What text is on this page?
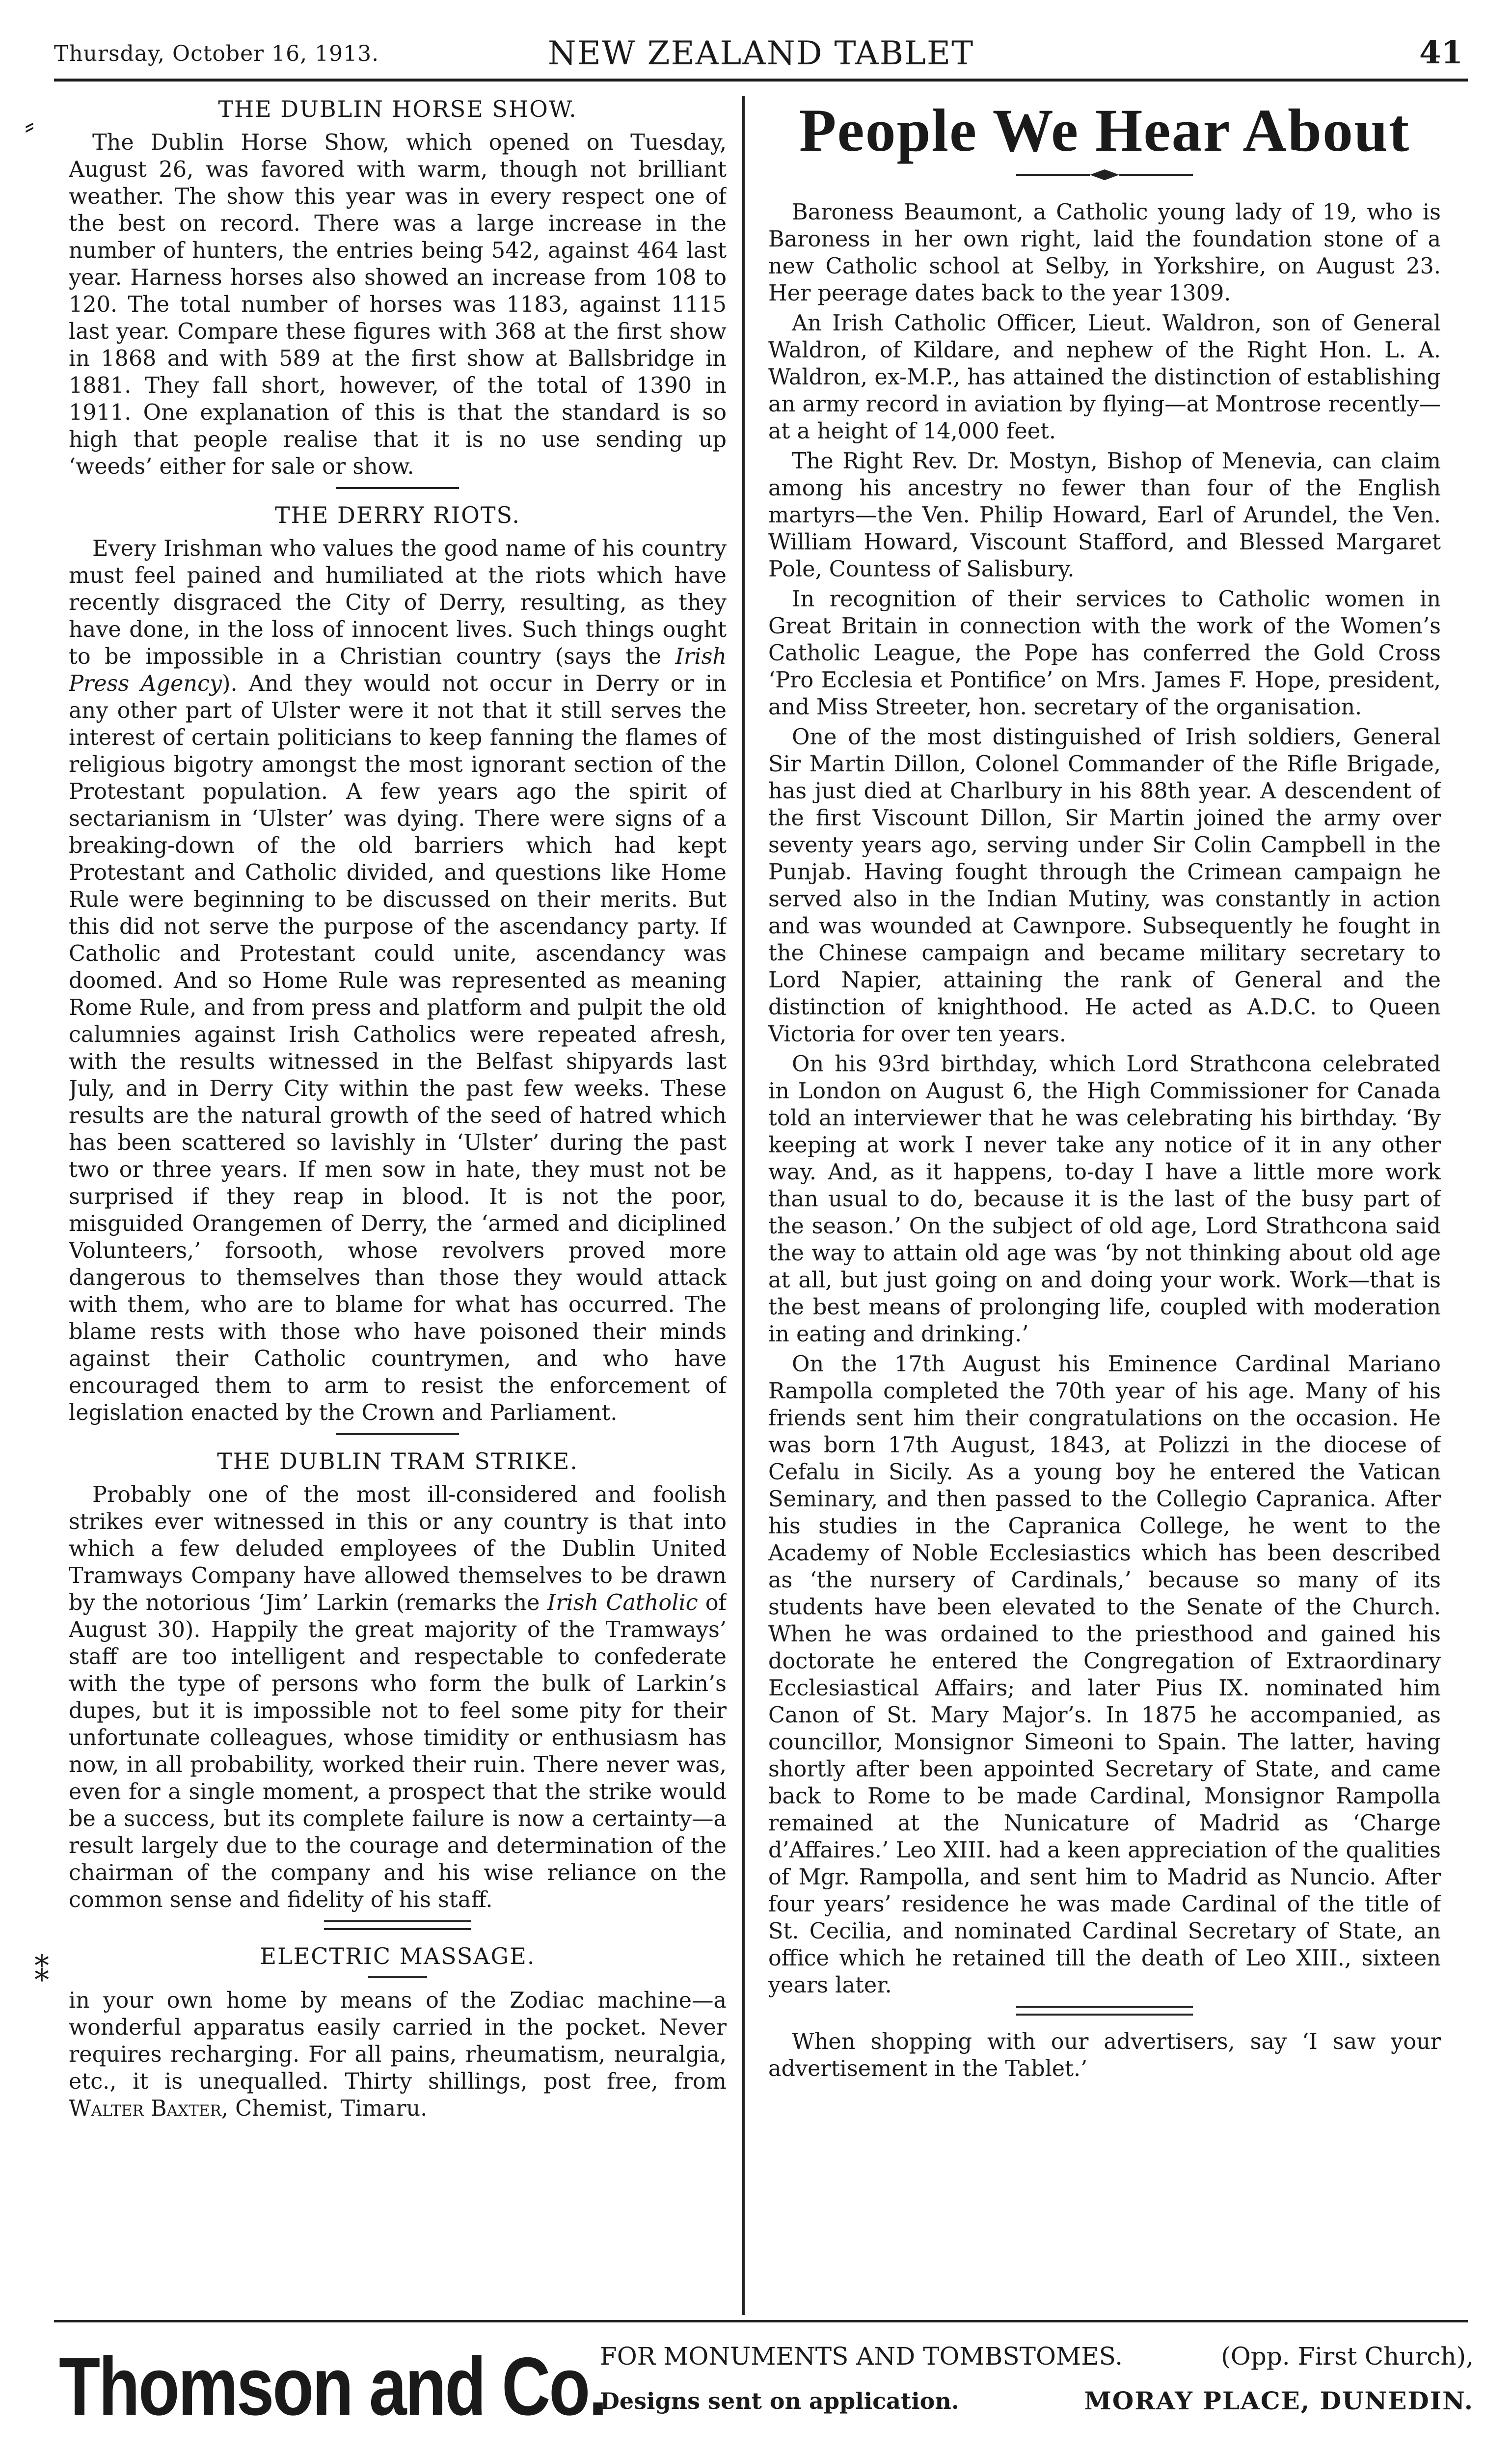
Thursday, October 16, 1913.	NEW ZEALAND TABLET	41
⸗
⁑
THE DUBLIN HORSE SHOW.

The Dublin Horse Show, which opened on Tuesday, August 26, was favored with warm, though not brilliant weather. The show this year was in every respect one of the best on record. There was a large increase in the number of hunters, the entries being 542, against 464 last year. Harness horses also showed an increase from 108 to 120. The total number of horses was 1183, against 1115 last year. Compare these figures with 368 at the first show in 1868 and with 589 at the first show at Ballsbridge in 1881. They fall short, however, of the total of 1390 in 1911. One explanation of this is that the standard is so high that people realise that it is no use sending up ‘weeds’ either for sale or show.

THE DERRY RIOTS.

Every Irishman who values the good name of his country must feel pained and humiliated at the riots which have recently disgraced the City of Derry, resulting, as they have done, in the loss of innocent lives. Such things ought to be impossible in a Christian country (says the Irish Press Agency). And they would not occur in Derry or in any other part of Ulster were it not that it still serves the interest of certain politicians to keep fanning the flames of religious bigotry amongst the most ignorant section of the Protestant population. A few years ago the spirit of sectarianism in ‘Ulster’ was dying. There were signs of a breaking-down of the old barriers which had kept Protestant and Catholic divided, and questions like Home Rule were beginning to be discussed on their merits. But this did not serve the purpose of the ascendancy party. If Catholic and Protestant could unite, ascendancy was doomed. And so Home Rule was represented as meaning Rome Rule, and from press and platform and pulpit the old calumnies against Irish Catholics were repeated afresh, with the results witnessed in the Belfast shipyards last July, and in Derry City within the past few weeks. These results are the natural growth of the seed of hatred which has been scattered so lavishly in ‘Ulster’ during the past two or three years. If men sow in hate, they must not be surprised if they reap in blood. It is not the poor, misguided Orangemen of Derry, the ‘armed and diciplined Volunteers,’ forsooth, whose revolvers proved more dangerous to themselves than those they would attack with them, who are to blame for what has occurred. The blame rests with those who have poisoned their minds against their Catholic countrymen, and who have encouraged them to arm to resist the enforcement of legislation enacted by the Crown and Parliament.

THE DUBLIN TRAM STRIKE.

Probably one of the most ill-considered and foolish strikes ever witnessed in this or any country is that into which a few deluded employees of the Dublin United Tramways Company have allowed themselves to be drawn by the notorious ‘Jim’ Larkin (remarks the Irish Catholic of August 30). Happily the great majority of the Tramways’ staff are too intelligent and respectable to confederate with the type of persons who form the bulk of Larkin’s dupes, but it is impossible not to feel some pity for their unfortunate colleagues, whose timidity or enthusiasm has now, in all probability, worked their ruin. There never was, even for a single moment, a prospect that the strike would be a success, but its complete failure is now a certainty—a result largely due to the courage and determination of the chairman of the company and his wise reliance on the common sense and fidelity of his staff.

ELECTRIC MASSAGE.

in your own home by means of the Zodiac machine—a wonderful apparatus easily carried in the pocket. Never requires recharging. For all pains, rheumatism, neuralgia, etc., it is unequalled. Thirty shillings, post free, from Walter Baxter, Chemist, Timaru.

People We Hear About

Baroness Beaumont, a Catholic young lady of 19, who is Baroness in her own right, laid the foundation stone of a new Catholic school at Selby, in Yorkshire, on August 23. Her peerage dates back to the year 1309.

An Irish Catholic Officer, Lieut. Waldron, son of General Waldron, of Kildare, and nephew of the Right Hon. L. A. Waldron, ex-M.P., has attained the distinction of establishing an army record in aviation by flying—at Montrose recently—at a height of 14,000 feet.

The Right Rev. Dr. Mostyn, Bishop of Menevia, can claim among his ancestry no fewer than four of the English martyrs—the Ven. Philip Howard, Earl of Arundel, the Ven. William Howard, Viscount Stafford, and Blessed Margaret Pole, Countess of Salisbury.

In recognition of their services to Catholic women in Great Britain in connection with the work of the Women’s Catholic League, the Pope has conferred the Gold Cross ‘Pro Ecclesia et Pontifice’ on Mrs. James F. Hope, president, and Miss Streeter, hon. secretary of the organisation.

One of the most distinguished of Irish soldiers, General Sir Martin Dillon, Colonel Commander of the Rifle Brigade, has just died at Charlbury in his 88th year. A descendent of the first Viscount Dillon, Sir Martin joined the army over seventy years ago, serving under Sir Colin Campbell in the Punjab. Having fought through the Crimean campaign he served also in the Indian Mutiny, was constantly in action and was wounded at Cawnpore. Subsequently he fought in the Chinese campaign and became military secretary to Lord Napier, attaining the rank of General and the distinction of knighthood. He acted as A.D.C. to Queen Victoria for over ten years.

On his 93rd birthday, which Lord Strathcona celebrated in London on August 6, the High Commissioner for Canada told an interviewer that he was celebrating his birthday. ‘By keeping at work I never take any notice of it in any other way. And, as it happens, to-day I have a little more work than usual to do, because it is the last of the busy part of the season.’ On the subject of old age, Lord Strathcona said the way to attain old age was ‘by not thinking about old age at all, but just going on and doing your work. Work—that is the best means of prolonging life, coupled with moderation in eating and drinking.’

On the 17th August his Eminence Cardinal Mariano Rampolla completed the 70th year of his age. Many of his friends sent him their congratulations on the occasion. He was born 17th August, 1843, at Polizzi in the diocese of Cefalu in Sicily. As a young boy he entered the Vatican Seminary, and then passed to the Collegio Capranica. After his studies in the Capranica College, he went to the Academy of Noble Ecclesiastics which has been described as ‘the nursery of Cardinals,’ because so many of its students have been elevated to the Senate of the Church. When he was ordained to the priesthood and gained his doctorate he entered the Congregation of Extraordinary Ecclesiastical Affairs; and later Pius IX. nominated him Canon of St. Mary Major’s. In 1875 he accompanied, as councillor, Monsignor Simeoni to Spain. The latter, having shortly after been appointed Secretary of State, and came back to Rome to be made Cardinal, Monsignor Rampolla remained at the Nunicature of Madrid as ‘Charge d’Affaires.’ Leo XIII. had a keen appreciation of the qualities of Mgr. Rampolla, and sent him to Madrid as Nuncio. After four years’ residence he was made Cardinal of the title of St. Cecilia, and nominated Cardinal Secretary of State, an office which he retained till the death of Leo XIII., sixteen years later.

When shopping with our advertisers, say ‘I saw your advertisement in the Tablet.’

Thomson and Co.
FOR MONUMENTS AND TOMBSTOMES.	(Opp. First Church),
Designs sent on application.	MORAY PLACE, DUNEDIN.
